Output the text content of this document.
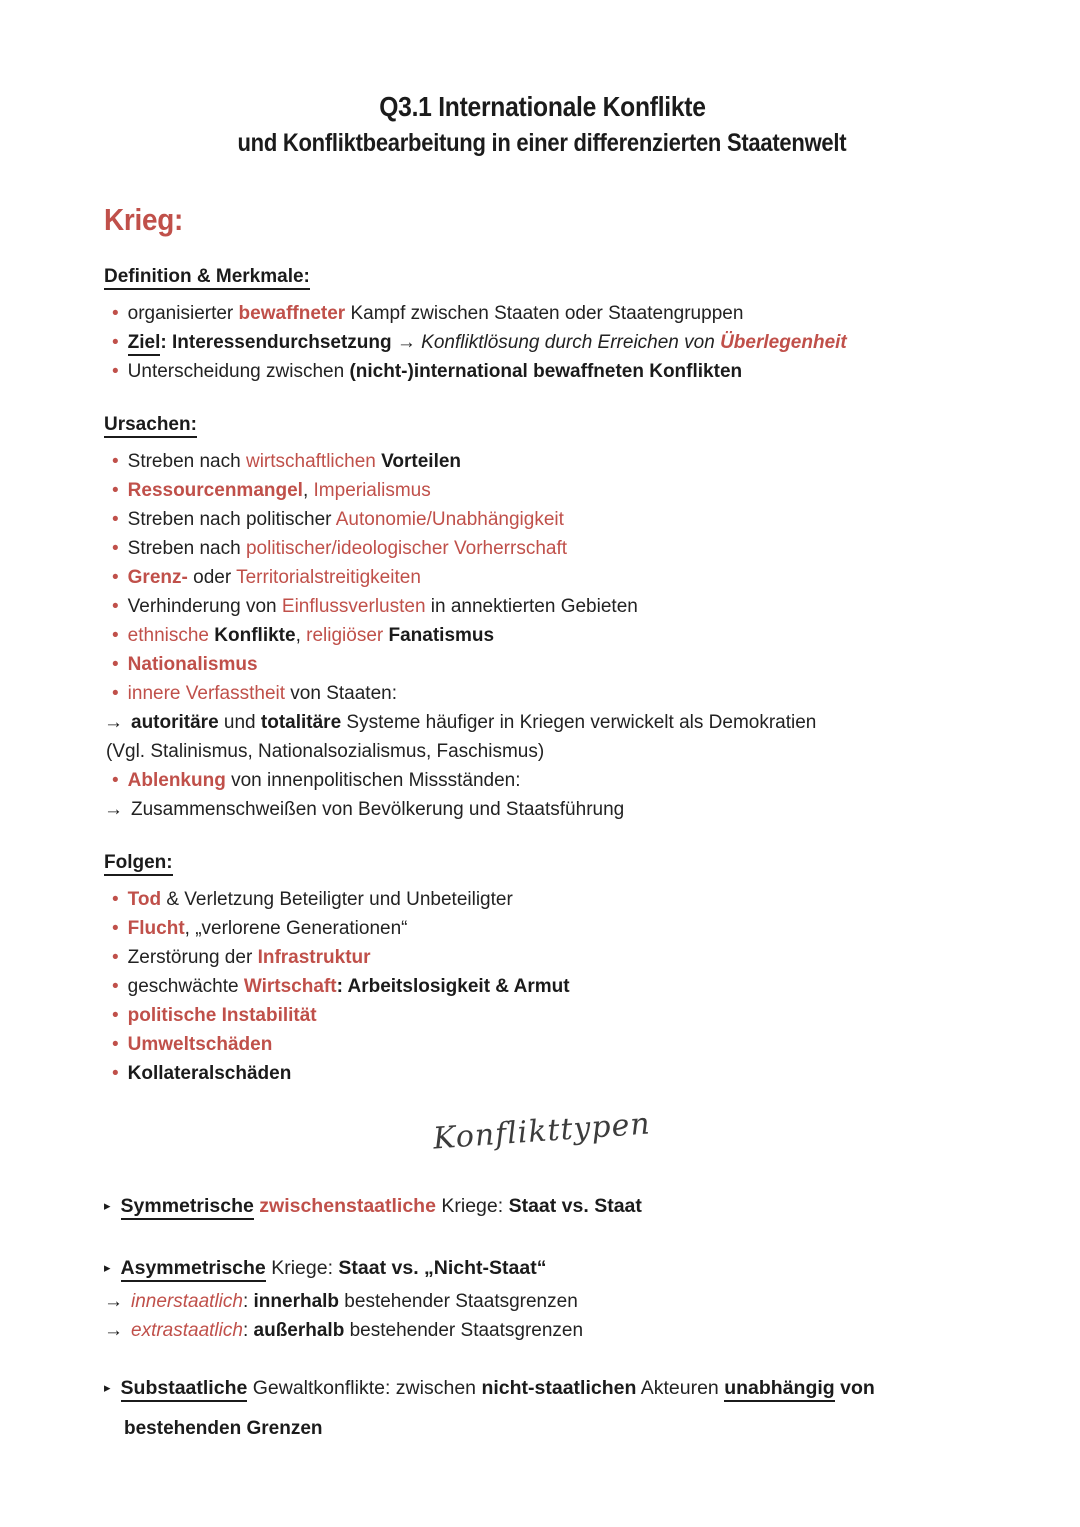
Q3.1 Internationale Konflikte
und Konfliktbearbeitung in einer differenzierten Staatenwelt
Krieg:
Definition & Merkmale:
• organisierter bewaffneter Kampf zwischen Staaten oder Staatengruppen
• Ziel: Interessendurchsetzung → Konfliktlösung durch Erreichen von Überlegenheit
• Unterscheidung zwischen (nicht-)international bewaffneten Konflikten
Ursachen:
• Streben nach wirtschaftlichen Vorteilen
• Ressourcenmangel, Imperialismus
• Streben nach politischer Autonomie/Unabhängigkeit
• Streben nach politischer/ideologischer Vorherrschaft
• Grenz- oder Territorialstreitigkeiten
• Verhinderung von Einflussverlusten in annektierten Gebieten
• ethnische Konflikte, religiöser Fanatismus
• Nationalismus
• innere Verfasstheit von Staaten:
→ autoritäre und totalitäre Systeme häufiger in Kriegen verwickelt als Demokratien
(Vgl. Stalinismus, Nationalsozialismus, Faschismus)
• Ablenkung von innenpolitischen Missständen:
→ Zusammenschweißen von Bevölkerung und Staatsführung
Folgen:
• Tod & Verletzung Beteiligter und Unbeteiligter
• Flucht, „verlorene Generationen“
• Zerstörung der Infrastruktur
• geschwächte Wirtschaft: Arbeitslosigkeit & Armut
• politische Instabilität
• Umweltschäden
• Kollateralschäden
Konflikttypen
▸ Symmetrische zwischenstaatliche Kriege: Staat vs. Staat
▸ Asymmetrische Kriege: Staat vs. „Nicht-Staat“
→ innerstaatlich: innerhalb bestehender Staatsgrenzen
→ extrastaatlich: außerhalb bestehender Staatsgrenzen
▸ Substaatliche Gewaltkonflikte: zwischen nicht-staatlichen Akteuren unabhängig von
bestehenden Grenzen
